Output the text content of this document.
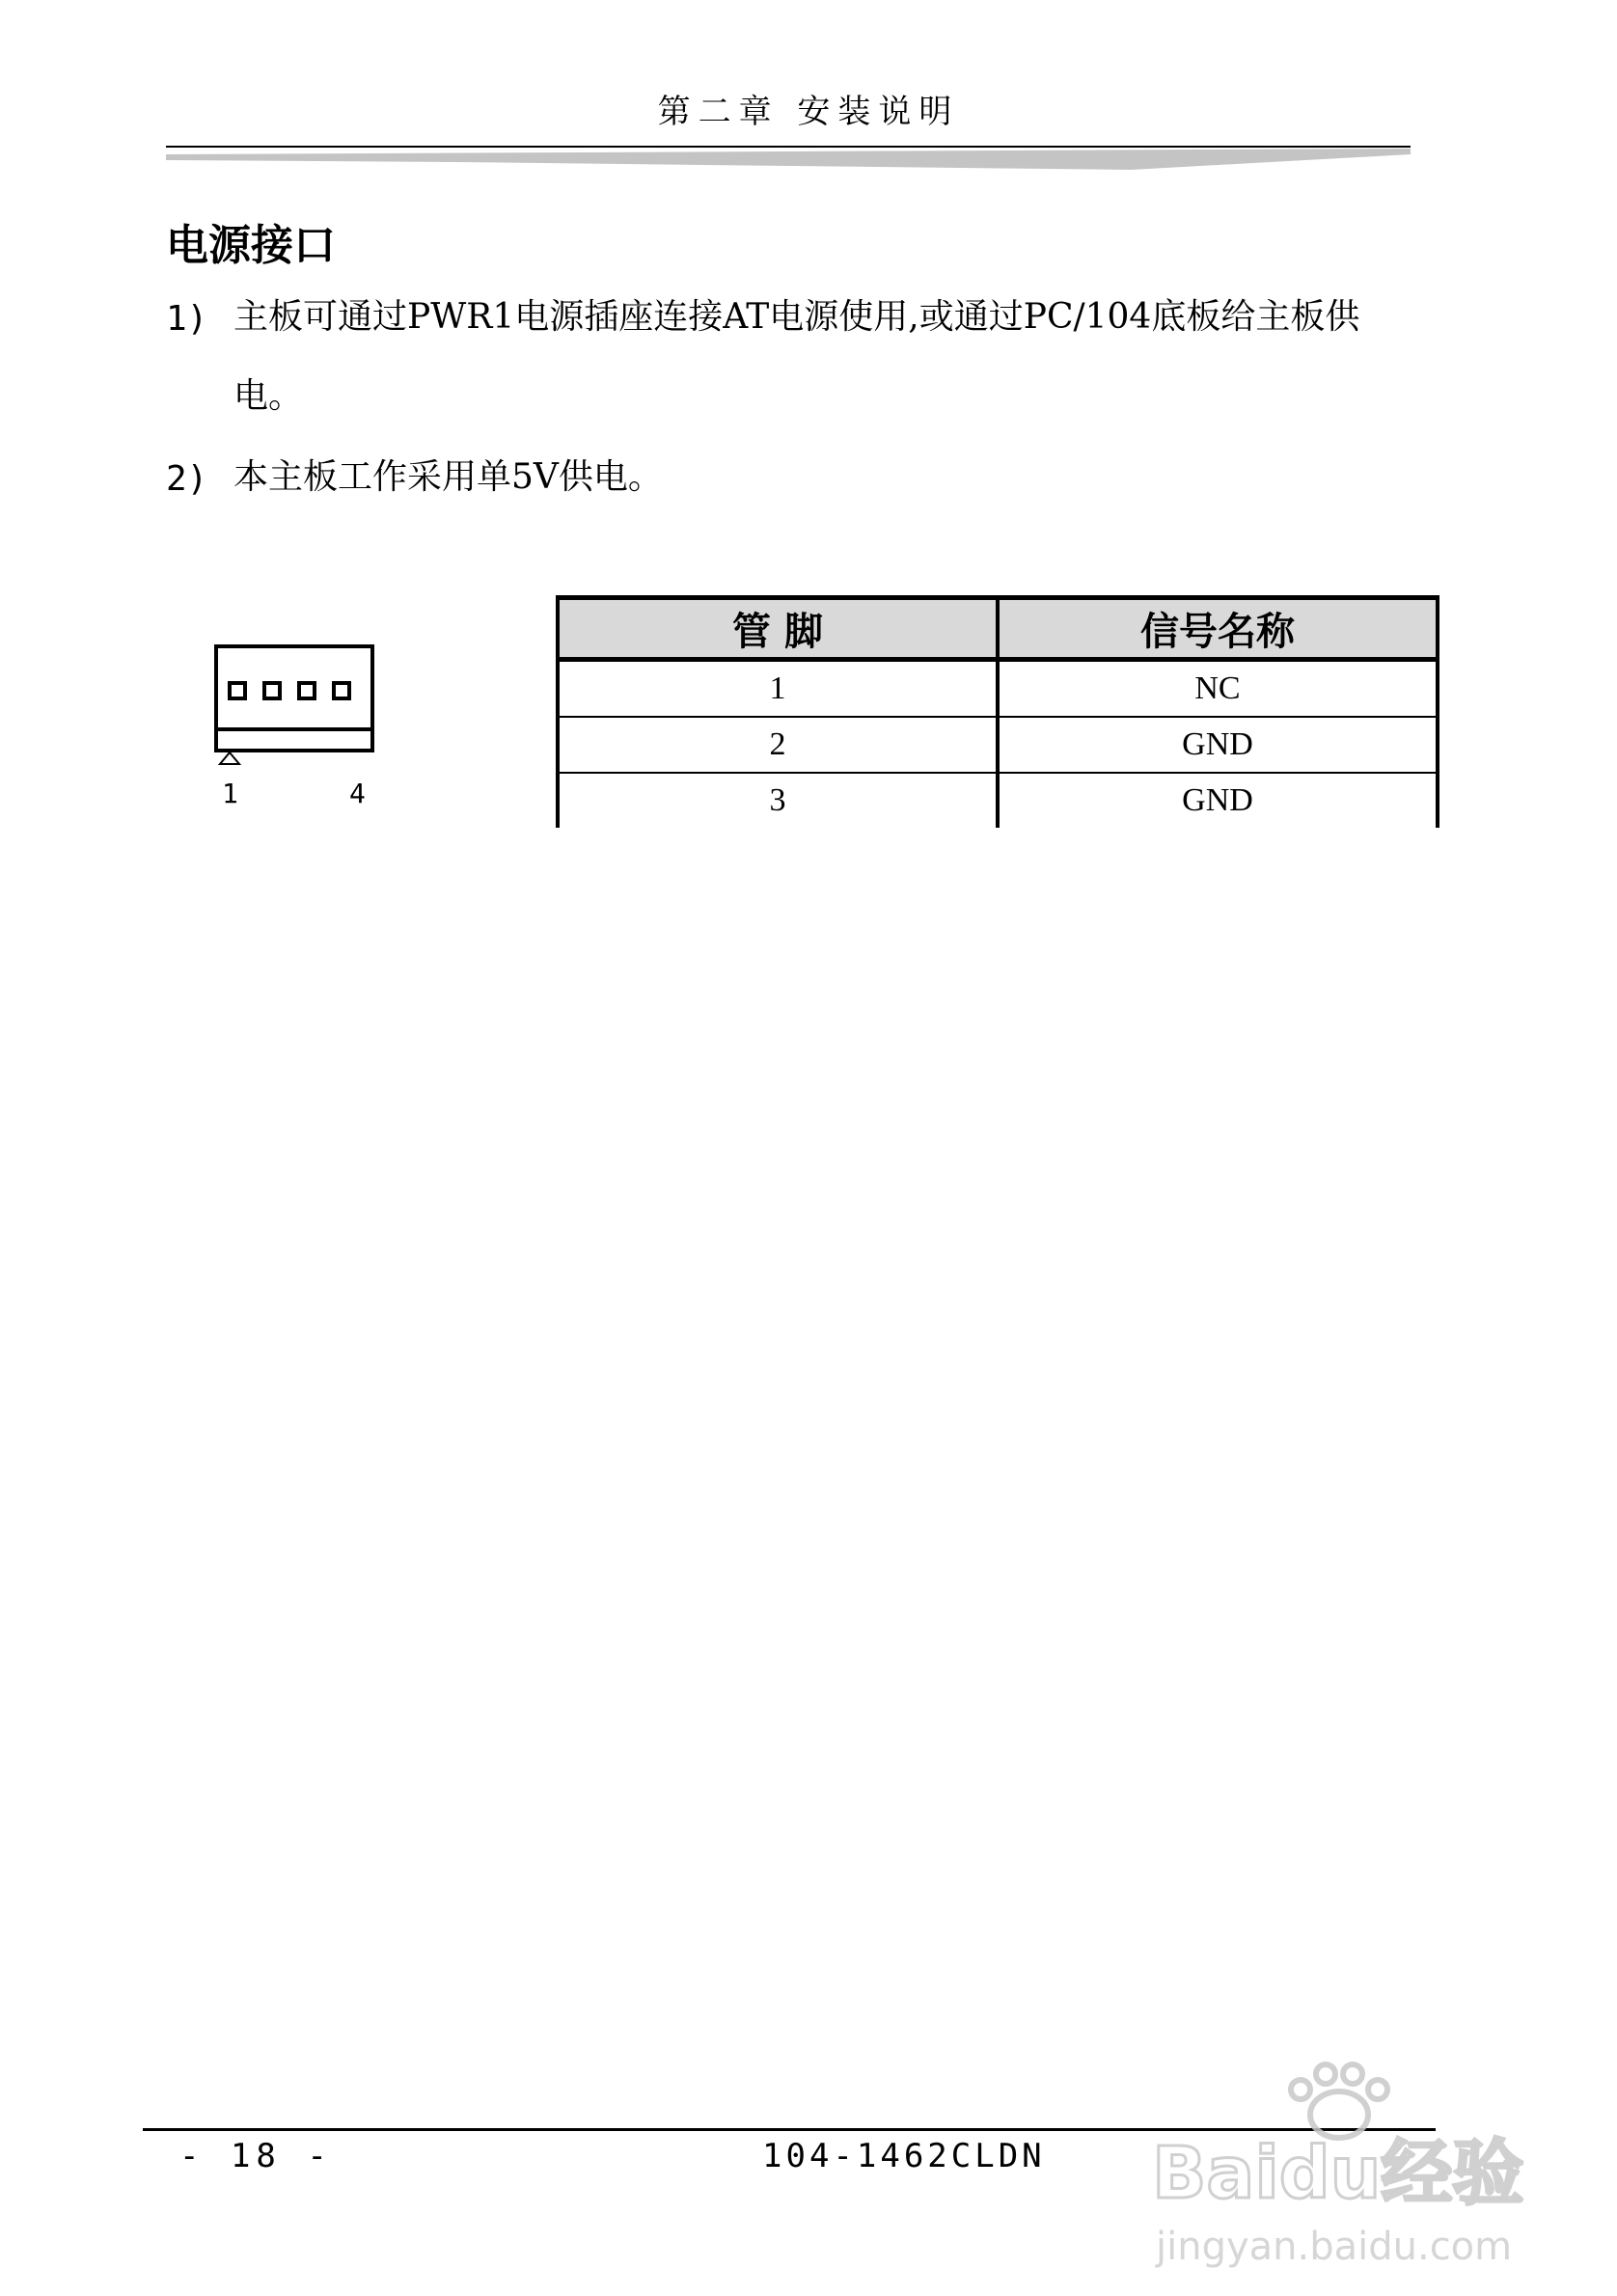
第二章 安装说明
电源接口
1) 主板可通过PWR1电源插座连接AT电源使用,或通过PC/104底板给主板供电。
2) 本主板工作采用单5V供电。
1	4
管 脚	信号名称
1	NC
2	GND
3	GND
- 18 -	104-1462CLDN Baidu经验
jingyan.baidu.com
